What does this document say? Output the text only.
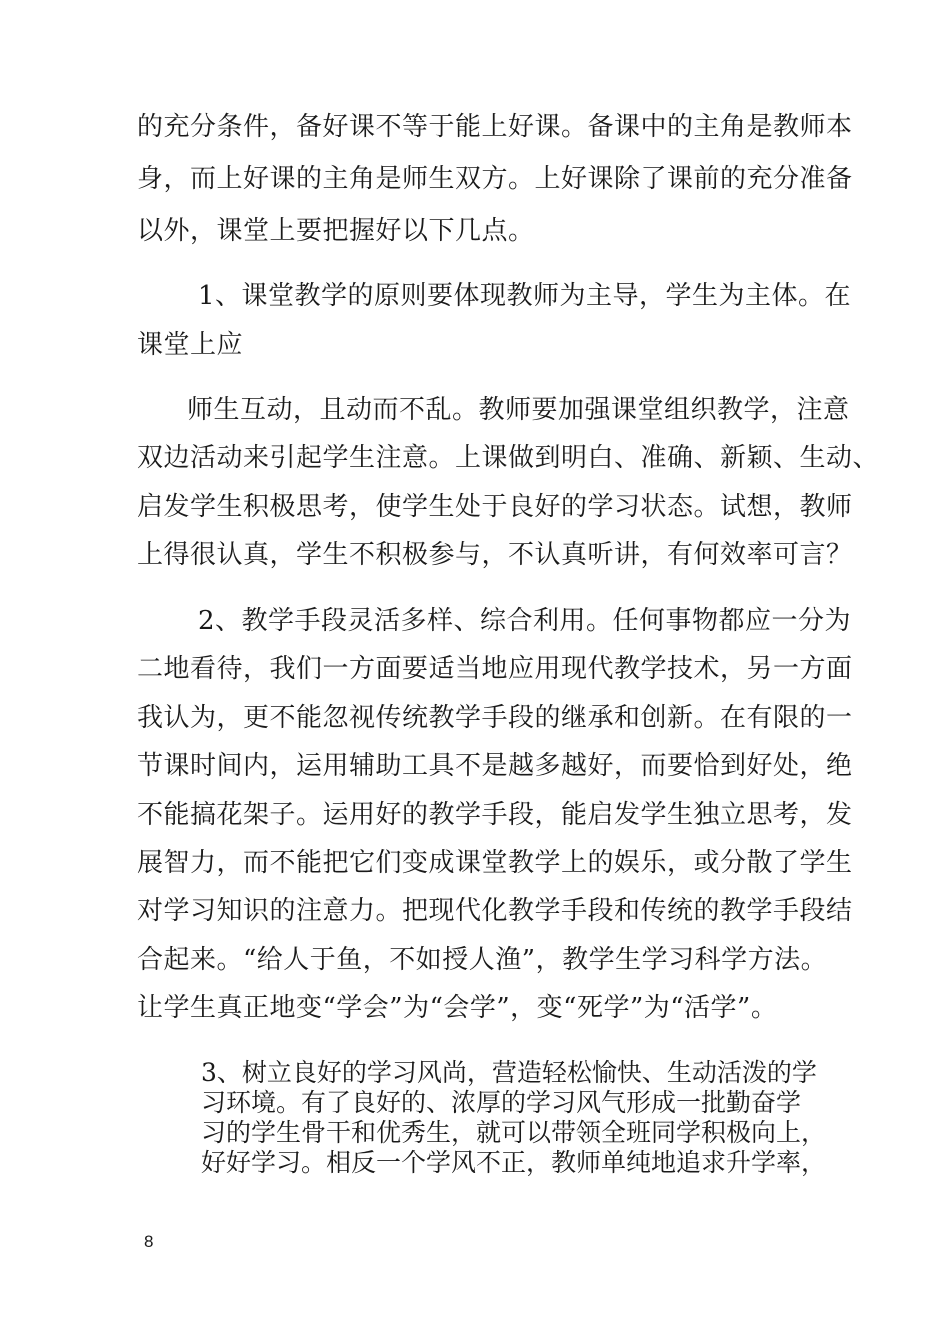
的充分条件，备好课不等于能上好课。备课中的主角是教师本
身，而上好课的主角是师生双方。上好课除了课前的充分准备
以外，课堂上要把握好以下几点。
1、课堂教学的原则要体现教师为主导，学生为主体。在
课堂上应
师生互动，且动而不乱。教师要加强课堂组织教学，注意
双边活动来引起学生注意。上课做到明白、准确、新颖、生动、
启发学生积极思考，使学生处于良好的学习状态。试想，教师
上得很认真，学生不积极参与，不认真听讲，有何效率可言？
2、教学手段灵活多样、综合利用。任何事物都应一分为
二地看待，我们一方面要适当地应用现代教学技术，另一方面
我认为，更不能忽视传统教学手段的继承和创新。在有限的一
节课时间内，运用辅助工具不是越多越好，而要恰到好处，绝
不能搞花架子。运用好的教学手段，能启发学生独立思考，发
展智力，而不能把它们变成课堂教学上的娱乐，或分散了学生
对学习知识的注意力。把现代化教学手段和传统的教学手段结
合起来。“给人于鱼，不如授人渔”，教学生学习科学方法。
让学生真正地变“学会”为“会学”，变“死学”为“活学”。
3、树立良好的学习风尚，营造轻松愉快、生动活泼的学
习环境。有了良好的、浓厚的学习风气形成一批勤奋学
习的学生骨干和优秀生，就可以带领全班同学积极向上，
好好学习。相反一个学风不正，教师单纯地追求升学率，
8
